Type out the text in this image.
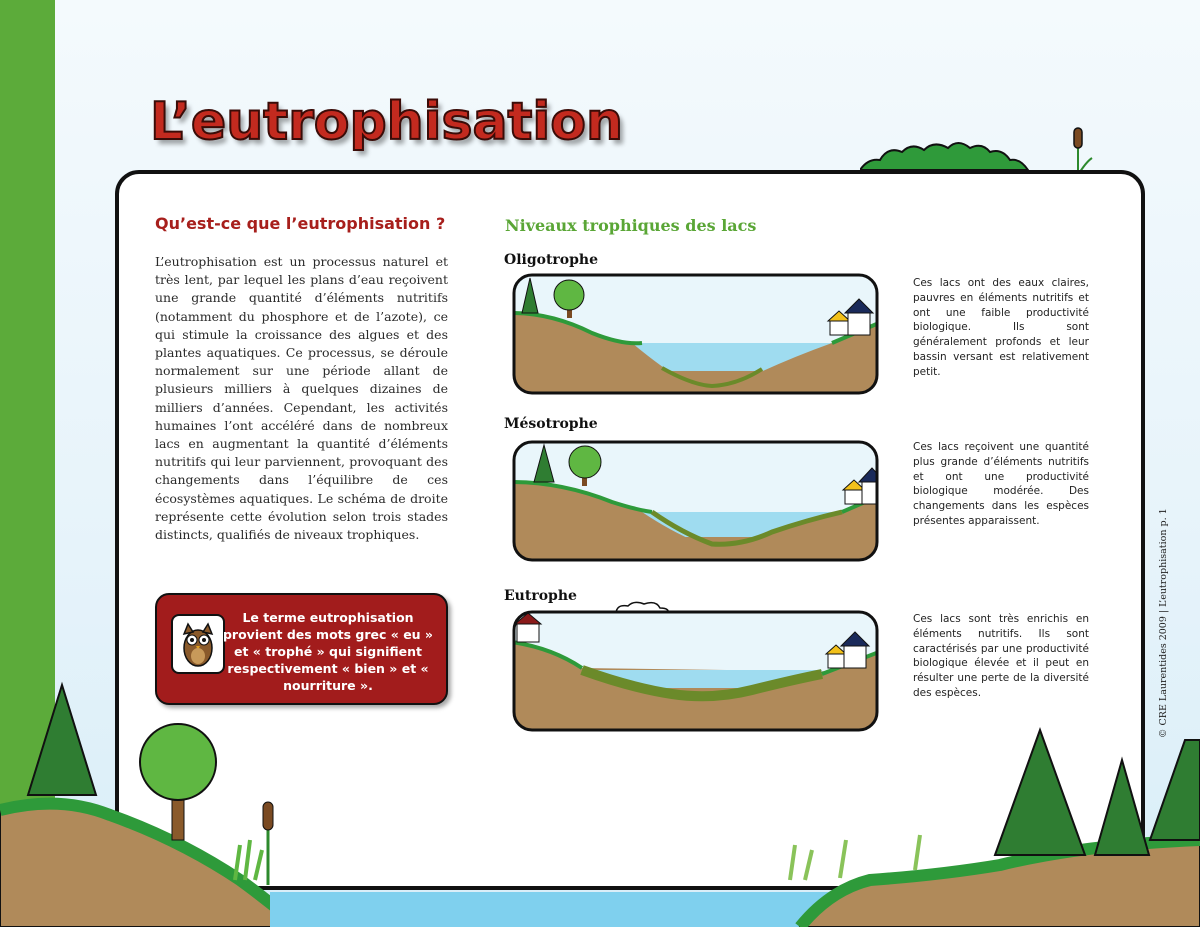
L’eutrophisation
Qu’est-ce que l’eutrophisation ?

L’eutrophisation est un processus naturel et très lent, par lequel les plans d’eau reçoivent une grande quantité d’éléments nutritifs (notamment du phosphore et de l’azote), ce qui stimule la croissance des algues et des plantes aquatiques. Ce processus, se déroule normalement sur une période allant de plusieurs milliers à quelques dizaines de milliers d’années. Cependant, les activités humaines l’ont accéléré dans de nombreux lacs en augmentant la quantité d’éléments nutritifs qui leur parviennent, provoquant des changements dans l’équilibre de ces écosystèmes aquatiques. Le schéma de droite représente cette évolution selon trois stades distincts, qualifiés de niveaux trophiques.

Le terme eutrophisation provient des mots grec « eu » et « trophé » qui signifient respectivement « bien » et « nourriture ».

Niveaux trophiques des lacs
Oligotrophe

Ces lacs ont des eaux claires, pauvres en éléments nutritifs et ont une faible productivité biologique. Ils sont généralement profonds et leur bassin versant est relativement petit.

Mésotrophe

Ces lacs reçoivent une quantité plus grande d’éléments nutritifs et ont une productivité biologique modérée. Des changements dans les espèces présentes apparaissent.

Eutrophe

Ces lacs sont très enrichis en éléments nutritifs. Ils sont caractérisés par une productivité biologique élevée et il peut en résulter une perte de la diversité des espèces.	© CRE Laurentides 2009 | L’eutrophisation p. 1
